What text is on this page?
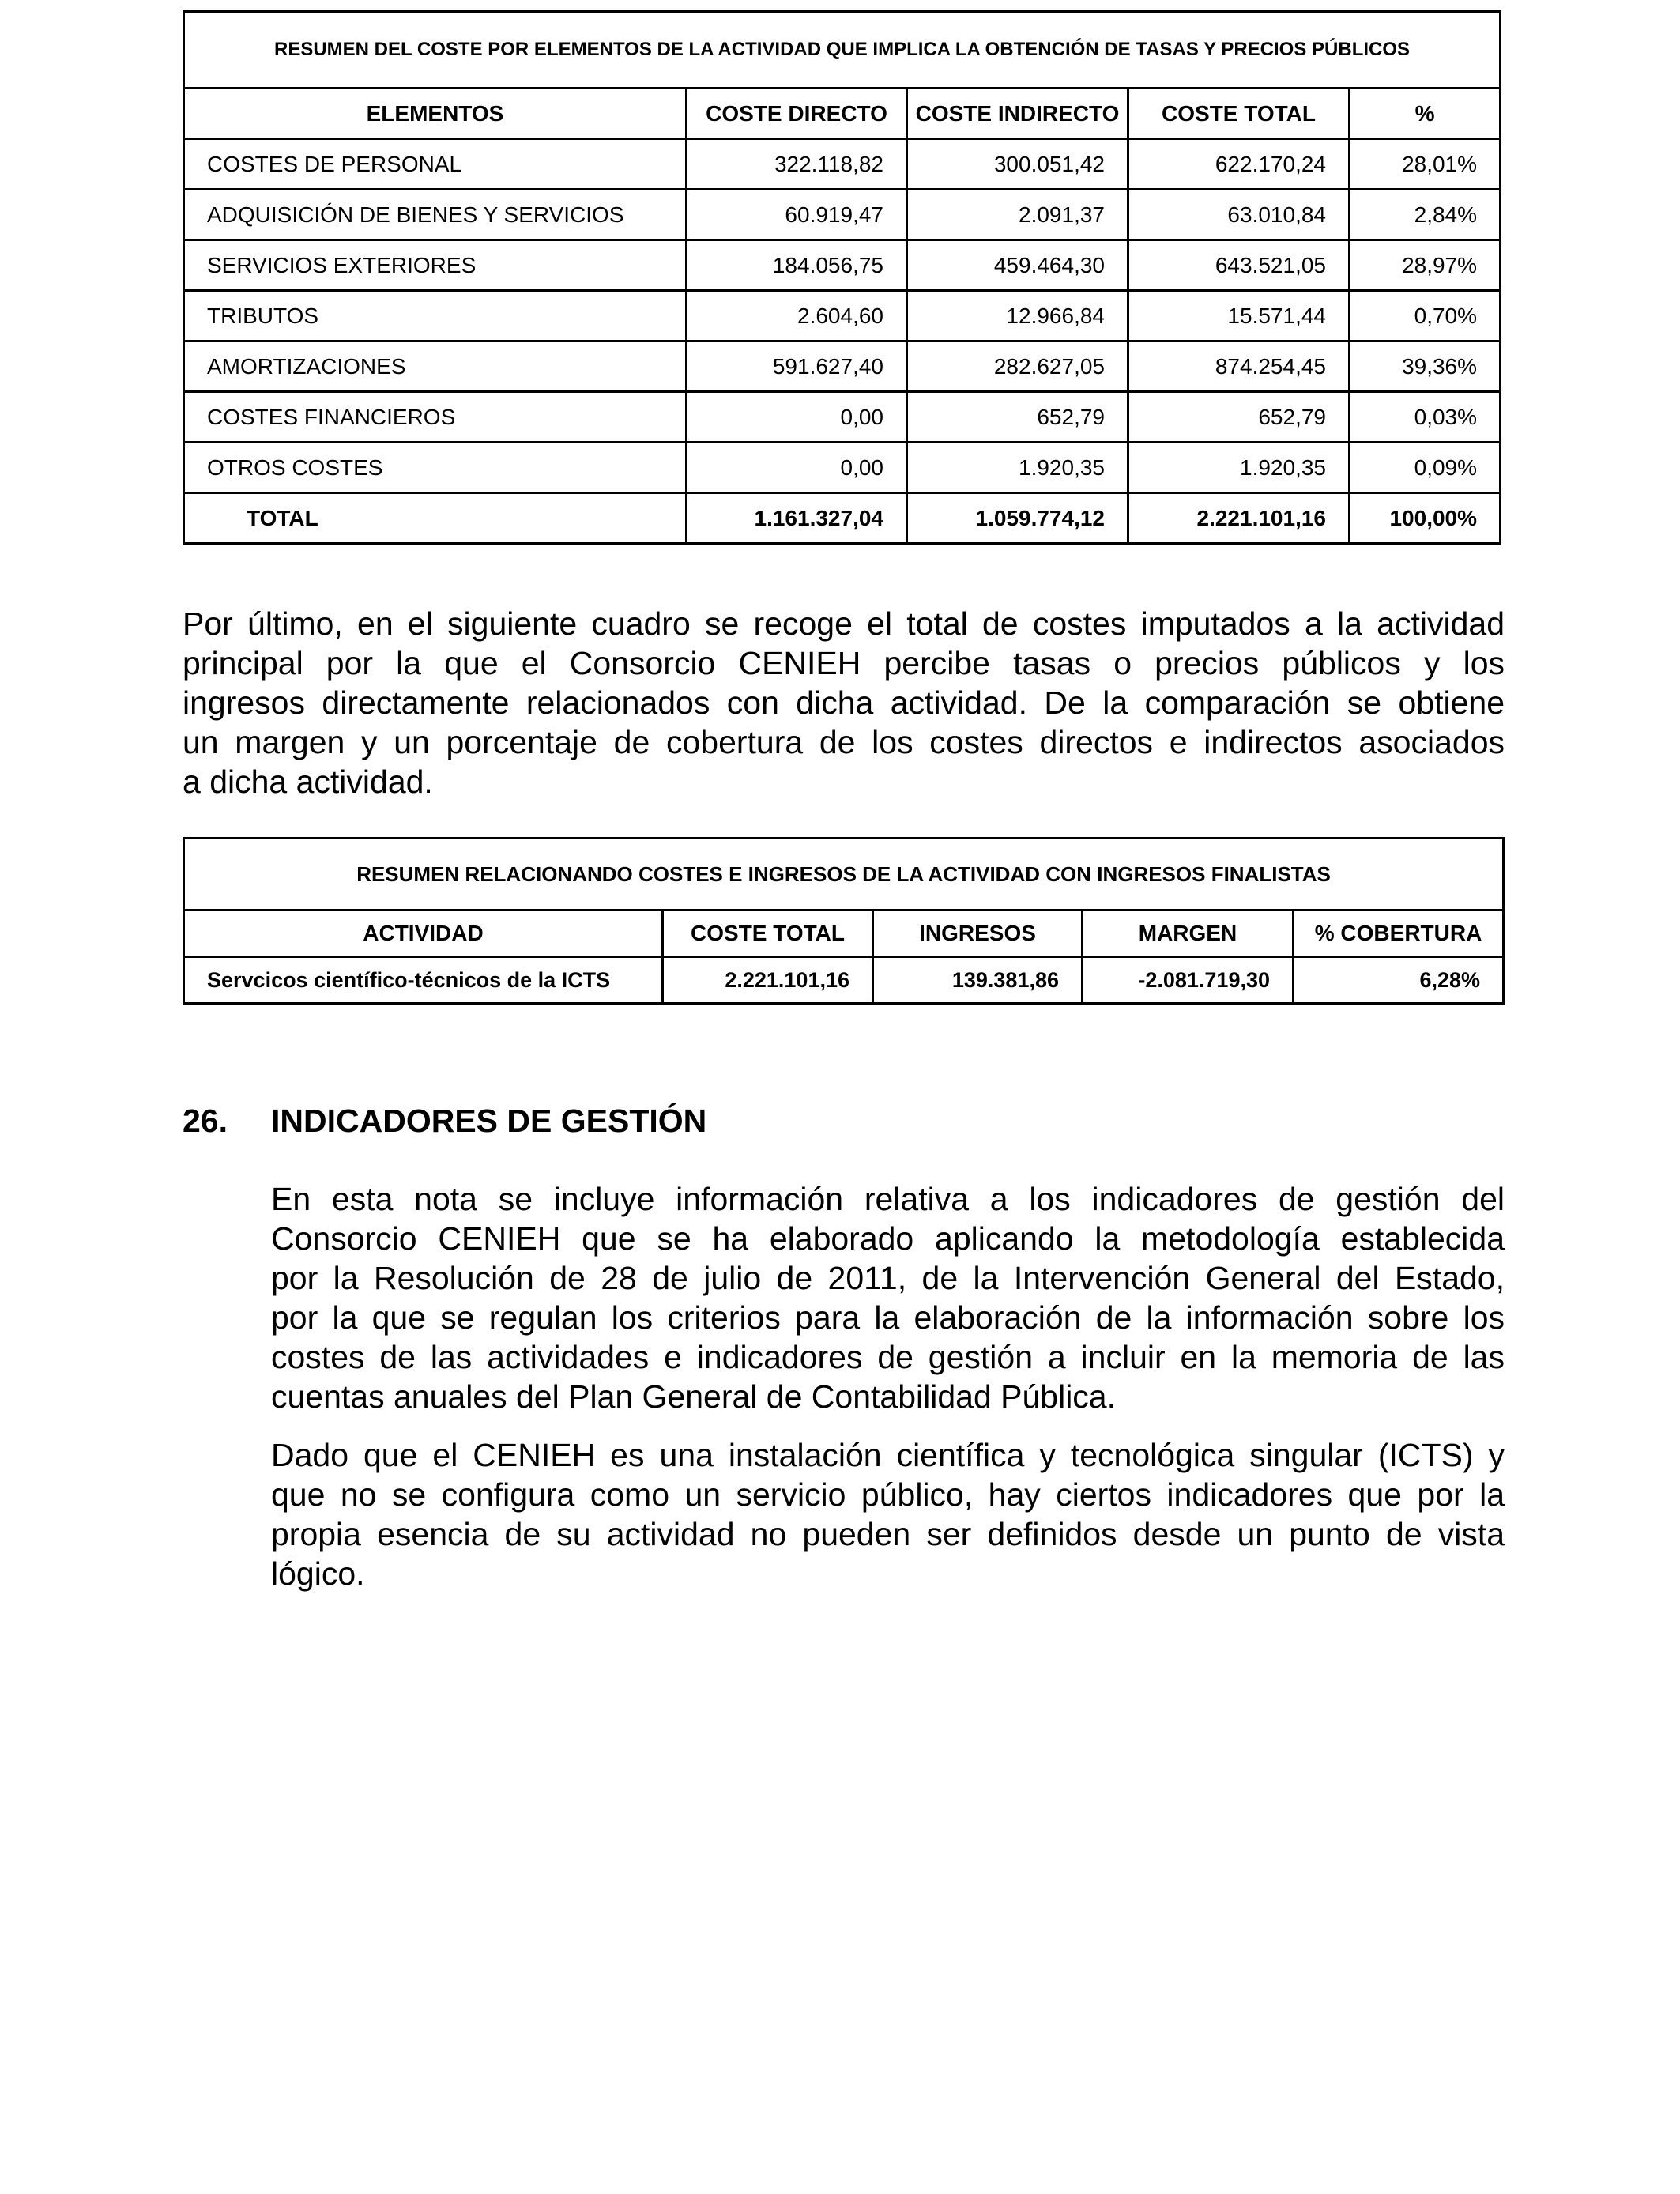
RESUMEN DEL COSTE POR ELEMENTOS DE LA ACTIVIDAD QUE IMPLICA LA OBTENCIÓN DE TASAS Y PRECIOS PÚBLICOS				
ELEMENTOS	COSTE DIRECTO	COSTE INDIRECTO	COSTE TOTAL	%
COSTES DE PERSONAL	322.118,82	300.051,42	622.170,24	28,01%
ADQUISICIÓN DE BIENES Y SERVICIOS	60.919,47	2.091,37	63.010,84	2,84%
SERVICIOS EXTERIORES	184.056,75	459.464,30	643.521,05	28,97%
TRIBUTOS	2.604,60	12.966,84	15.571,44	0,70%
AMORTIZACIONES	591.627,40	282.627,05	874.254,45	39,36%
COSTES FINANCIEROS	0,00	652,79	652,79	0,03%
OTROS COSTES	0,00	1.920,35	1.920,35	0,09%
TOTAL	1.161.327,04	1.059.774,12	2.221.101,16	100,00%
Por último, en el siguiente cuadro se recoge el total de costes imputados a la actividad
principal por la que el Consorcio CENIEH percibe tasas o precios públicos y los
ingresos directamente relacionados con dicha actividad. De la comparación se obtiene
un margen y un porcentaje de cobertura de los costes directos e indirectos asociados
a dicha actividad.
RESUMEN RELACIONANDO COSTES E INGRESOS DE LA ACTIVIDAD CON INGRESOS FINALISTAS				
ACTIVIDAD	COSTE TOTAL	INGRESOS	MARGEN	% COBERTURA
Servcicos científico-técnicos de la ICTS	2.221.101,16	139.381,86	-2.081.719,30	6,28%
26. INDICADORES DE GESTIÓN
En esta nota se incluye información relativa a los indicadores de gestión del
Consorcio CENIEH que se ha elaborado aplicando la metodología establecida
por la Resolución de 28 de julio de 2011, de la Intervención General del Estado,
por la que se regulan los criterios para la elaboración de la información sobre los
costes de las actividades e indicadores de gestión a incluir en la memoria de las
cuentas anuales del Plan General de Contabilidad Pública.
Dado que el CENIEH es una instalación científica y tecnológica singular (ICTS) y
que no se configura como un servicio público, hay ciertos indicadores que por la
propia esencia de su actividad no pueden ser definidos desde un punto de vista
lógico.
